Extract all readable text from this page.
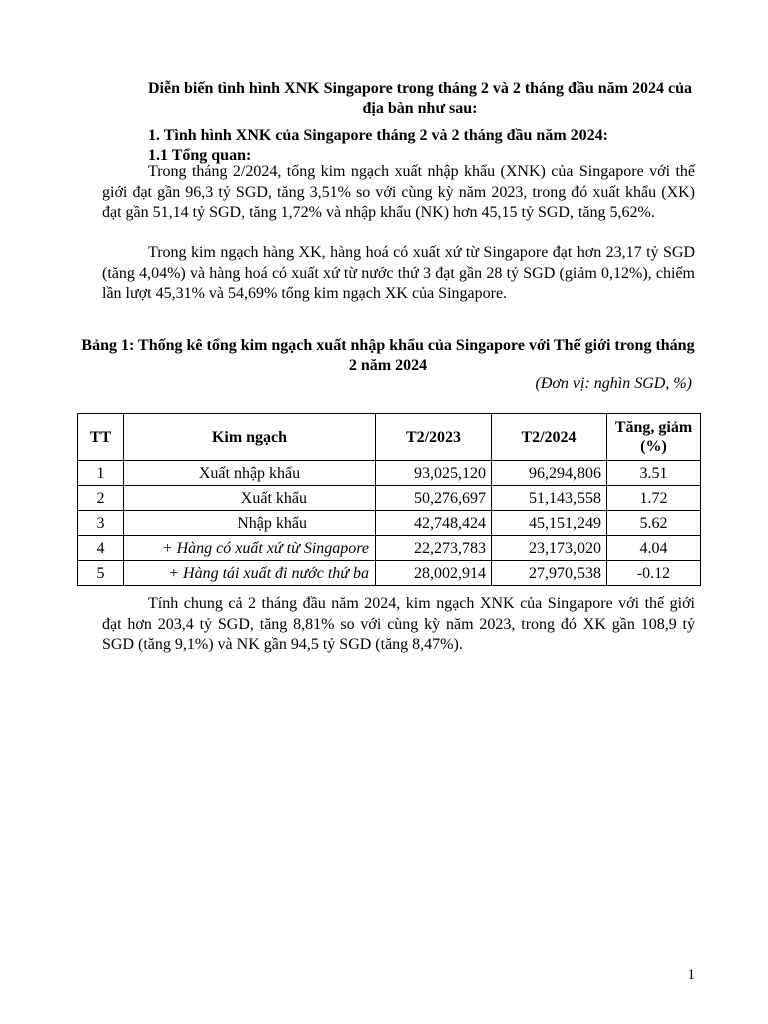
Diễn biến tình hình XNK Singapore trong tháng 2 và 2 tháng đầu năm 2024 của địa bàn như sau:
1. Tình hình XNK của Singapore tháng 2 và 2 tháng đầu năm 2024:
1.1 Tổng quan:
Trong tháng 2/2024, tổng kim ngạch xuất nhập khẩu (XNK) của Singapore với thế giới đạt gần 96,3 tỷ SGD, tăng 3,51% so với cùng kỳ năm 2023, trong đó xuất khẩu (XK) đạt gần 51,14 tỷ SGD, tăng 1,72% và nhập khẩu (NK) hơn 45,15 tỷ SGD, tăng 5,62%.
Trong kim ngạch hàng XK, hàng hoá có xuất xứ từ Singapore đạt hơn 23,17 tỷ SGD (tăng 4,04%) và hàng hoá có xuất xứ từ nước thứ 3 đạt gần 28 tỷ SGD (giảm 0,12%), chiếm lần lượt 45,31% và 54,69% tổng kim ngạch XK của Singapore.
Bảng 1: Thống kê tổng kim ngạch xuất nhập khẩu của Singapore với Thế giới trong tháng 2 năm 2024
(Đơn vị: nghìn SGD, %)
TT	Kim ngạch	T2/2023	T2/2024	Tăng, giảm (%)
1	Xuất nhập khẩu	93,025,120	96,294,806	3.51
2	Xuất khẩu	50,276,697	51,143,558	1.72
3	Nhập khẩu	42,748,424	45,151,249	5.62
4	+ Hàng có xuất xứ từ Singapore	22,273,783	23,173,020	4.04
5	+ Hàng tái xuất đi nước thứ ba	28,002,914	27,970,538	-0.12
Tính chung cả 2 tháng đầu năm 2024, kim ngạch XNK của Singapore với thế giới đạt hơn 203,4 tỷ SGD, tăng 8,81% so với cùng kỳ năm 2023, trong đó XK gần 108,9 tỷ SGD (tăng 9,1%) và NK gần 94,5 tỷ SGD (tăng 8,47%).
1
